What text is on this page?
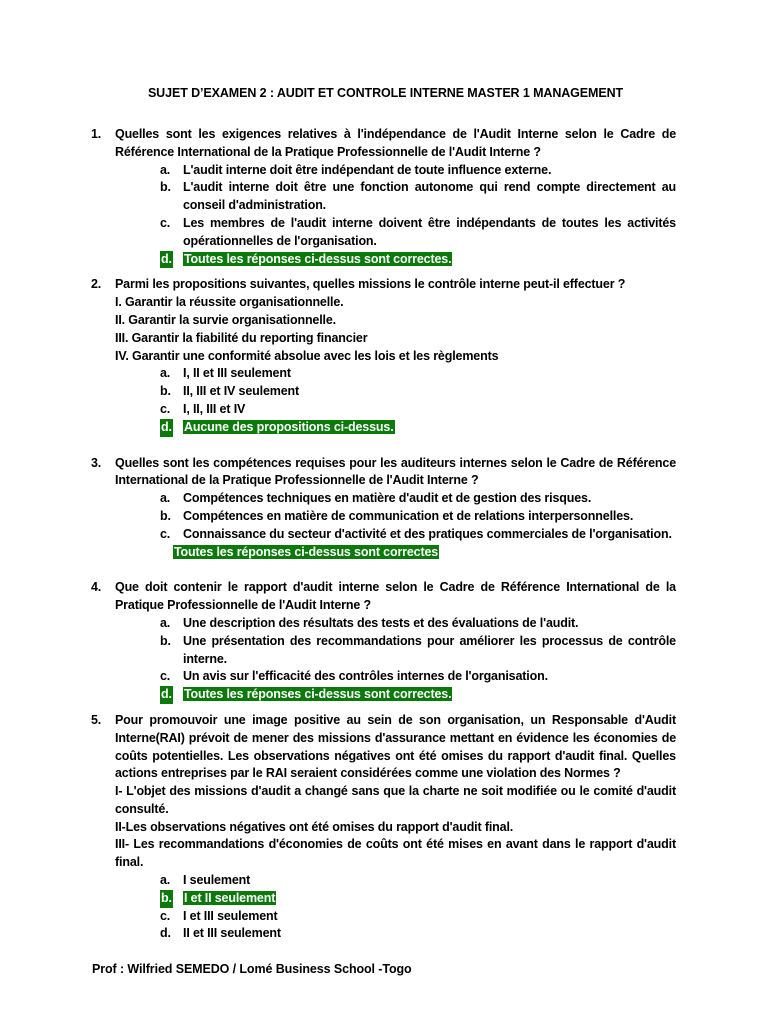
SUJET D’EXAMEN 2 : AUDIT ET CONTROLE INTERNE MASTER 1 MANAGEMENT
1. Quelles sont les exigences relatives à l'indépendance de l'Audit Interne selon le Cadre de Référence International de la Pratique Professionnelle de l'Audit Interne ?
a. L'audit interne doit être indépendant de toute influence externe.
b. L'audit interne doit être une fonction autonome qui rend compte directement au conseil d'administration.
c. Les membres de l'audit interne doivent être indépendants de toutes les activités opérationnelles de l'organisation.
d. Toutes les réponses ci-dessus sont correctes.
2. Parmi les propositions suivantes, quelles missions le contrôle interne peut-il effectuer ?
I. Garantir la réussite organisationnelle.
II. Garantir la survie organisationnelle.
III. Garantir la fiabilité du reporting financier
IV. Garantir une conformité absolue avec les lois et les règlements
a. I, II et III seulement
b. II, III et IV seulement
c. I, II, III et IV
d. Aucune des propositions ci-dessus.
3. Quelles sont les compétences requises pour les auditeurs internes selon le Cadre de Référence International de la Pratique Professionnelle de l'Audit Interne ?
a. Compétences techniques en matière d'audit et de gestion des risques.
b. Compétences en matière de communication et de relations interpersonnelles.
c. Connaissance du secteur d'activité et des pratiques commerciales de l'organisation.
Toutes les réponses ci-dessus sont correctes
4. Que doit contenir le rapport d'audit interne selon le Cadre de Référence International de la Pratique Professionnelle de l'Audit Interne ?
a. Une description des résultats des tests et des évaluations de l'audit.
b. Une présentation des recommandations pour améliorer les processus de contrôle interne.
c. Un avis sur l'efficacité des contrôles internes de l'organisation.
d. Toutes les réponses ci-dessus sont correctes.
5. Pour promouvoir une image positive au sein de son organisation, un Responsable d'Audit Interne(RAI) prévoit de mener des missions d'assurance mettant en évidence les économies de coûts potentielles. Les observations négatives ont été omises du rapport d'audit final. Quelles actions entreprises par le RAI seraient considérées comme une violation des Normes ?
I- L'objet des missions d'audit a changé sans que la charte ne soit modifiée ou le comité d'audit consulté.
II-Les observations négatives ont été omises du rapport d'audit final.
III- Les recommandations d'économies de coûts ont été mises en avant dans le rapport d'audit final.
a. I seulement
b. I et II seulement
c. I et III seulement
d. II et III seulement
Prof : Wilfried SEMEDO / Lomé Business School -Togo
